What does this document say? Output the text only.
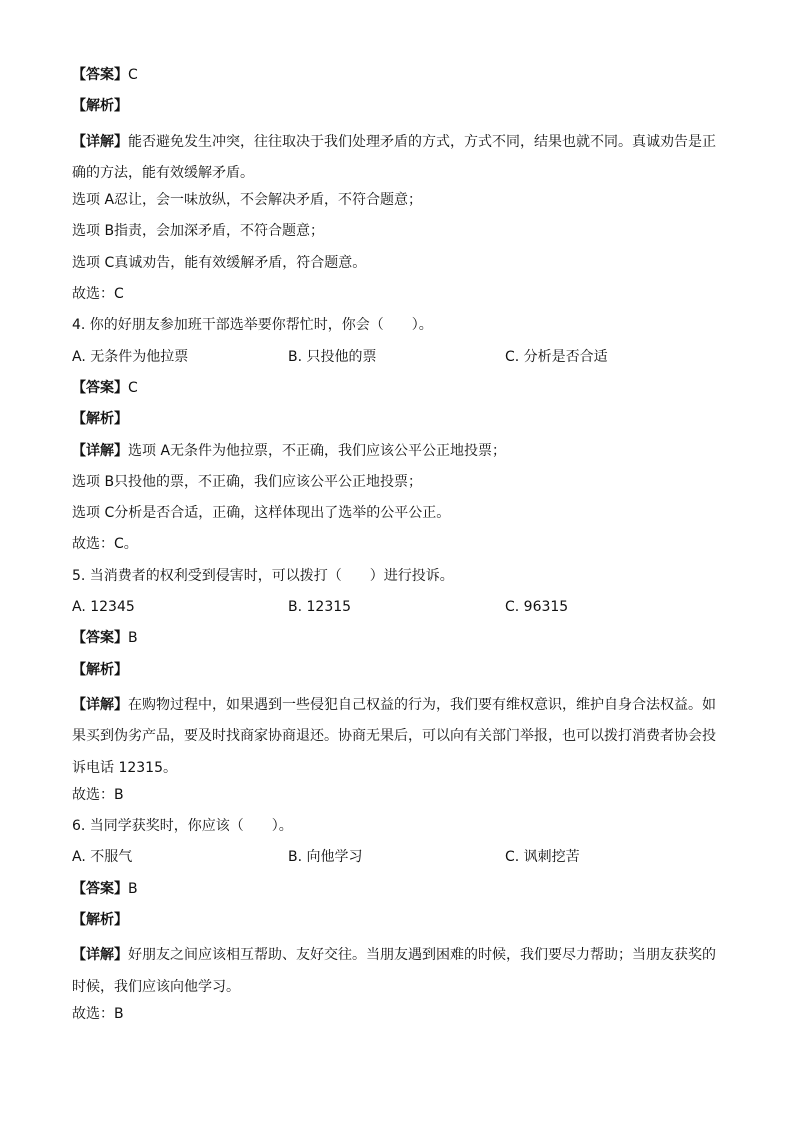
【答案】C
【解析】
【详解】能否避免发生冲突，往往取决于我们处理矛盾的方式，方式不同，结果也就不同。真诚劝告是正确的方法，能有效缓解矛盾。
选项 A忍让，会一味放纵，不会解决矛盾，不符合题意；
选项 B指责，会加深矛盾，不符合题意；
选项 C真诚劝告，能有效缓解矛盾，符合题意。
故选：C
4. 你的好朋友参加班干部选举要你帮忙时，你会（　　）。
A. 无条件为他拉票	B. 只投他的票	C. 分析是否合适
【答案】C
【解析】
【详解】选项 A无条件为他拉票，不正确，我们应该公平公正地投票；
选项 B只投他的票，不正确，我们应该公平公正地投票；
选项 C分析是否合适，正确，这样体现出了选举的公平公正。
故选：C。
5. 当消费者的权利受到侵害时，可以拨打（　　）进行投诉。
A. 12345	B. 12315	C. 96315
【答案】B
【解析】
【详解】在购物过程中，如果遇到一些侵犯自己权益的行为，我们要有维权意识，维护自身合法权益。如果买到伪劣产品，要及时找商家协商退还。协商无果后，可以向有关部门举报，也可以拨打消费者协会投诉电话 12315。
故选：B
6. 当同学获奖时，你应该（　　）。
A. 不服气	B. 向他学习	C. 讽刺挖苦
【答案】B
【解析】
【详解】好朋友之间应该相互帮助、友好交往。当朋友遇到困难的时候，我们要尽力帮助；当朋友获奖的时候，我们应该向他学习。
故选：B
